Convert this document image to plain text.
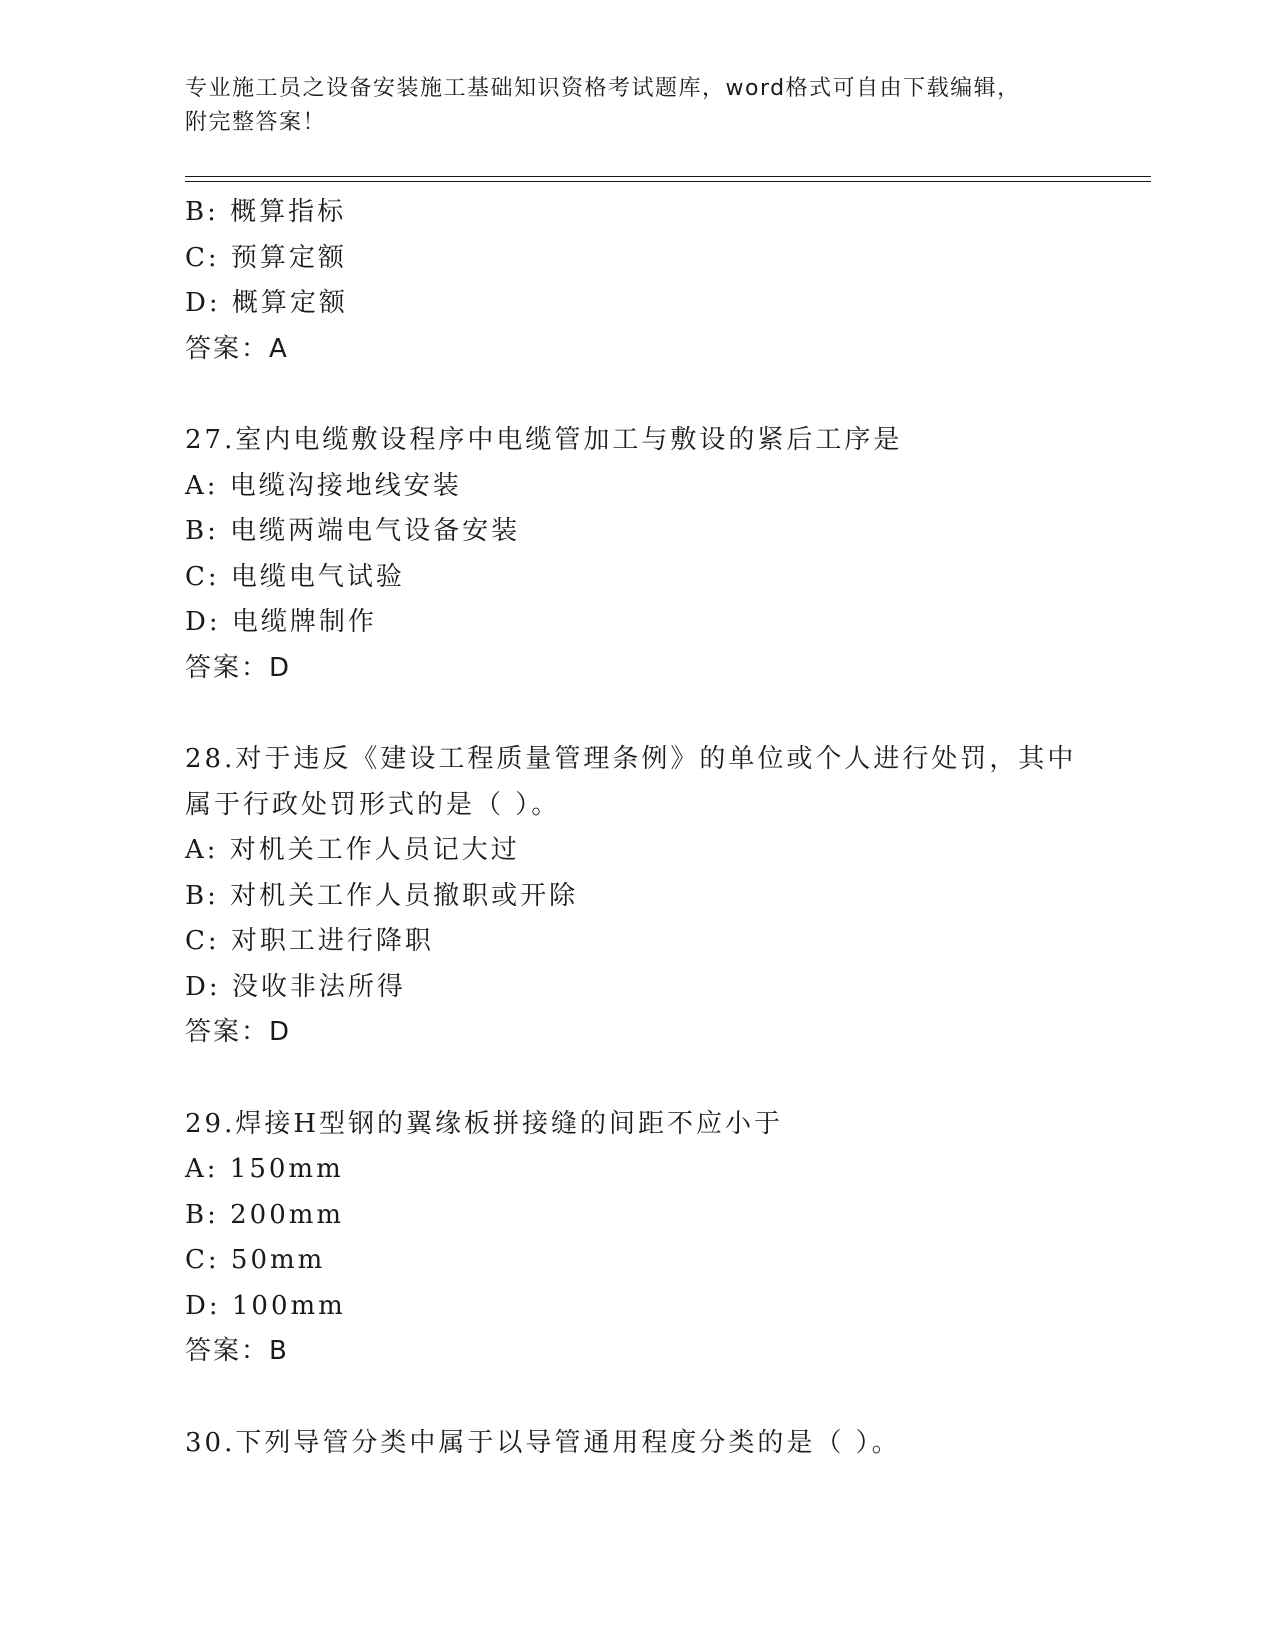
专业施工员之设备安装施工基础知识资格考试题库，word格式可自由下载编辑，
附完整答案！
B: 概算指标
C: 预算定额
D: 概算定额
答案：A
27.室内电缆敷设程序中电缆管加工与敷设的紧后工序是
A: 电缆沟接地线安装
B: 电缆两端电气设备安装
C: 电缆电气试验
D: 电缆牌制作
答案：D
28.对于违反《建设工程质量管理条例》的单位或个人进行处罚，其中
属于行政处罚形式的是（ ）。
A: 对机关工作人员记大过
B: 对机关工作人员撤职或开除
C: 对职工进行降职
D: 没收非法所得
答案：D
29.焊接H型钢的翼缘板拼接缝的间距不应小于
A: 150mm
B: 200mm
C: 50mm
D: 100mm
答案：B
30.下列导管分类中属于以导管通用程度分类的是（ ）。
